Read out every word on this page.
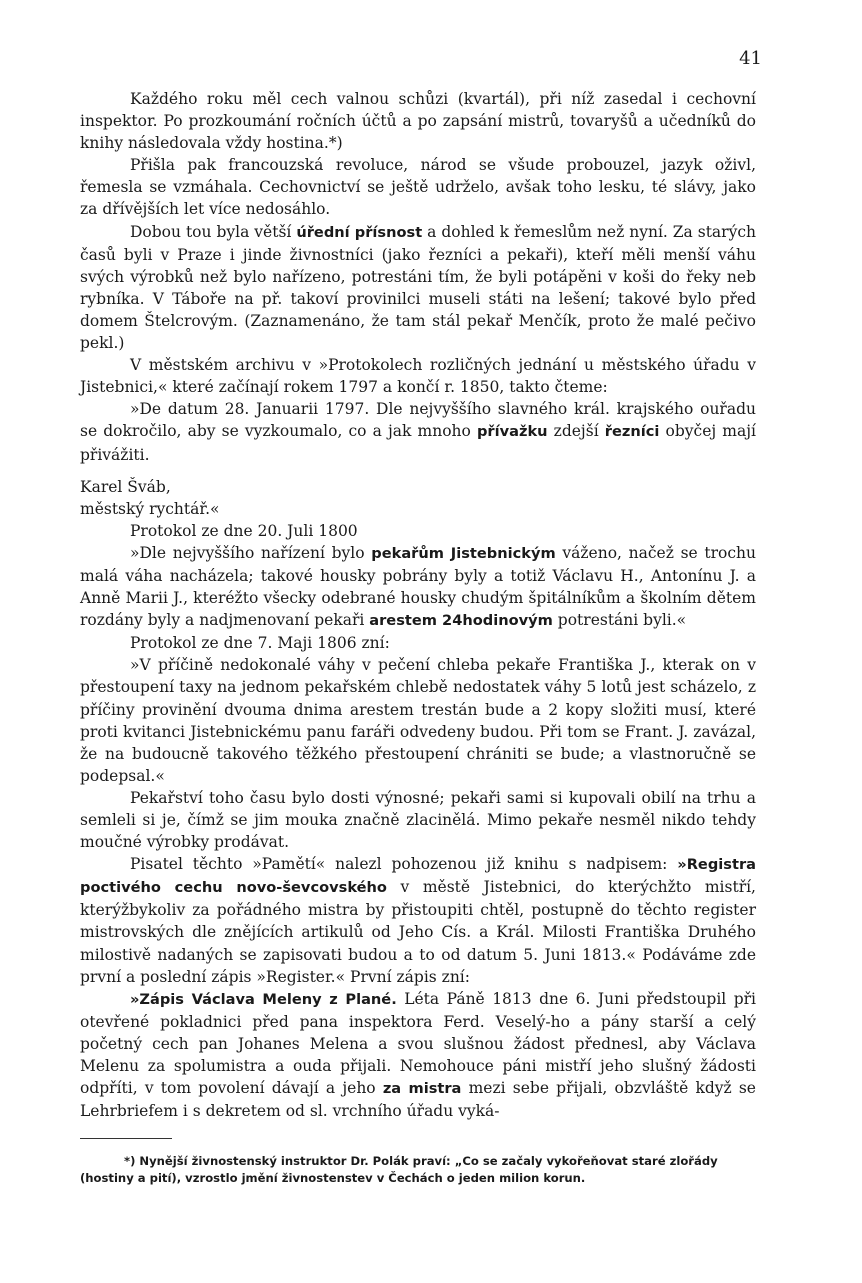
41

Každého roku měl cech valnou schůzi (kvartál), při níž zasedal i cechovní inspektor. Po prozkoumání ročních účtů a po zapsání mistrů, tovaryšů a učedníků do knihy následovala vždy hostina.*)

Přišla pak francouzská revoluce, národ se všude probouzel, jazyk oživl, řemesla se vzmáhala. Cechovnictví se ještě udrželo, avšak toho lesku, té slávy, jako za dřívějších let více nedosáhlo.

Dobou tou byla větší úřední přísnost a dohled k řemeslům než nyní. Za starých časů byli v Praze i jinde živnostníci (jako řezníci a pekaři), kteří měli menší váhu svých výrobků než bylo nařízeno, potrestáni tím, že byli potápěni v koši do řeky neb rybníka. V Táboře na př. takoví provinilci museli státi na lešení; takové bylo před domem Štelcrovým. (Zaznamenáno, že tam stál pekař Menčík, proto že malé pečivo pekl.)

V městském archivu v »Protokolech rozličných jednání u městského úřadu v Jistebnici,« které začínají rokem 1797 a končí r. 1850, takto čteme:

»De datum 28. Januarii 1797. Dle nejvyššího slavného král. krajského ouřadu se dokročilo, aby se vyzkoumalo, co a jak mnoho přívažku zdejší řezníci obyčej mají přivážiti.

Karel Šváb,

městský rychtář.«

Protokol ze dne 20. Juli 1800

»Dle nejvyššího nařízení bylo pekařům Jistebnickým váženo, načež se trochu malá váha nacházela; takové housky pobrány byly a totiž Václavu H., Antonínu J. a Anně Marii J., kteréžto všecky odebrané housky chudým špitálníkům a školním dětem rozdány byly a nadjmenovaní pekaři arestem 24hodinovým potrestáni byli.«

Protokol ze dne 7. Maji 1806 zní:

»V příčině nedokonalé váhy v pečení chleba pekaře Františka J., kterak on v přestoupení taxy na jednom pekařském chlebě nedostatek váhy 5 lotů jest scházelo, z příčiny provinění dvouma dnima arestem trestán bude a 2 kopy složiti musí, které proti kvitanci Jistebnickému panu faráři odvedeny budou. Při tom se Frant. J. zavázal, že na budoucně takového těžkého přestoupení chrániti se bude; a vlastnoručně se podepsal.«

Pekařství toho času bylo dosti výnosné; pekaři sami si kupovali obilí na trhu a semleli si je, čímž se jim mouka značně zlacinělá. Mimo pekaře nesměl nikdo tehdy moučné výrobky prodávat.

Pisatel těchto »Pamětí« nalezl pohozenou již knihu s nadpisem: »Registra poctivého cechu novo-ševcovského v městě Jistebnici, do kterýchžto mistří, kterýžbykoliv za pořádného mistra by přistoupiti chtěl, postupně do těchto register mistrovských dle znějících artikulů od Jeho Cís. a Král. Milosti Františka Druhého milostivě nadaných se zapisovati budou a to od datum 5. Juni 1813.« Podáváme zde první a poslední zápis »Register.« První zápis zní:

»Zápis Václava Meleny z Plané. Léta Páně 1813 dne 6. Juni předstoupil při otevřené pokladnici před pana inspektora Ferd. Veselý-ho a pány starší a celý početný cech pan Johanes Melena a svou slušnou žádost přednesl, aby Václava Melenu za spolumistra a ouda přijali. Nemohouce páni mistří jeho slušný žádosti odpříti, v tom povolení dávají a jeho za mistra mezi sebe přijali, obzvláště když se Lehrbriefem i s dekretem od sl. vrchního úřadu vyká-

*) Nynější živnostenský instruktor Dr. Polák praví: „Co se začaly vykořeňovat staré zlořády (hostiny a pití), vzrostlo jmění živnostenstev v Čechách o jeden milion korun.
